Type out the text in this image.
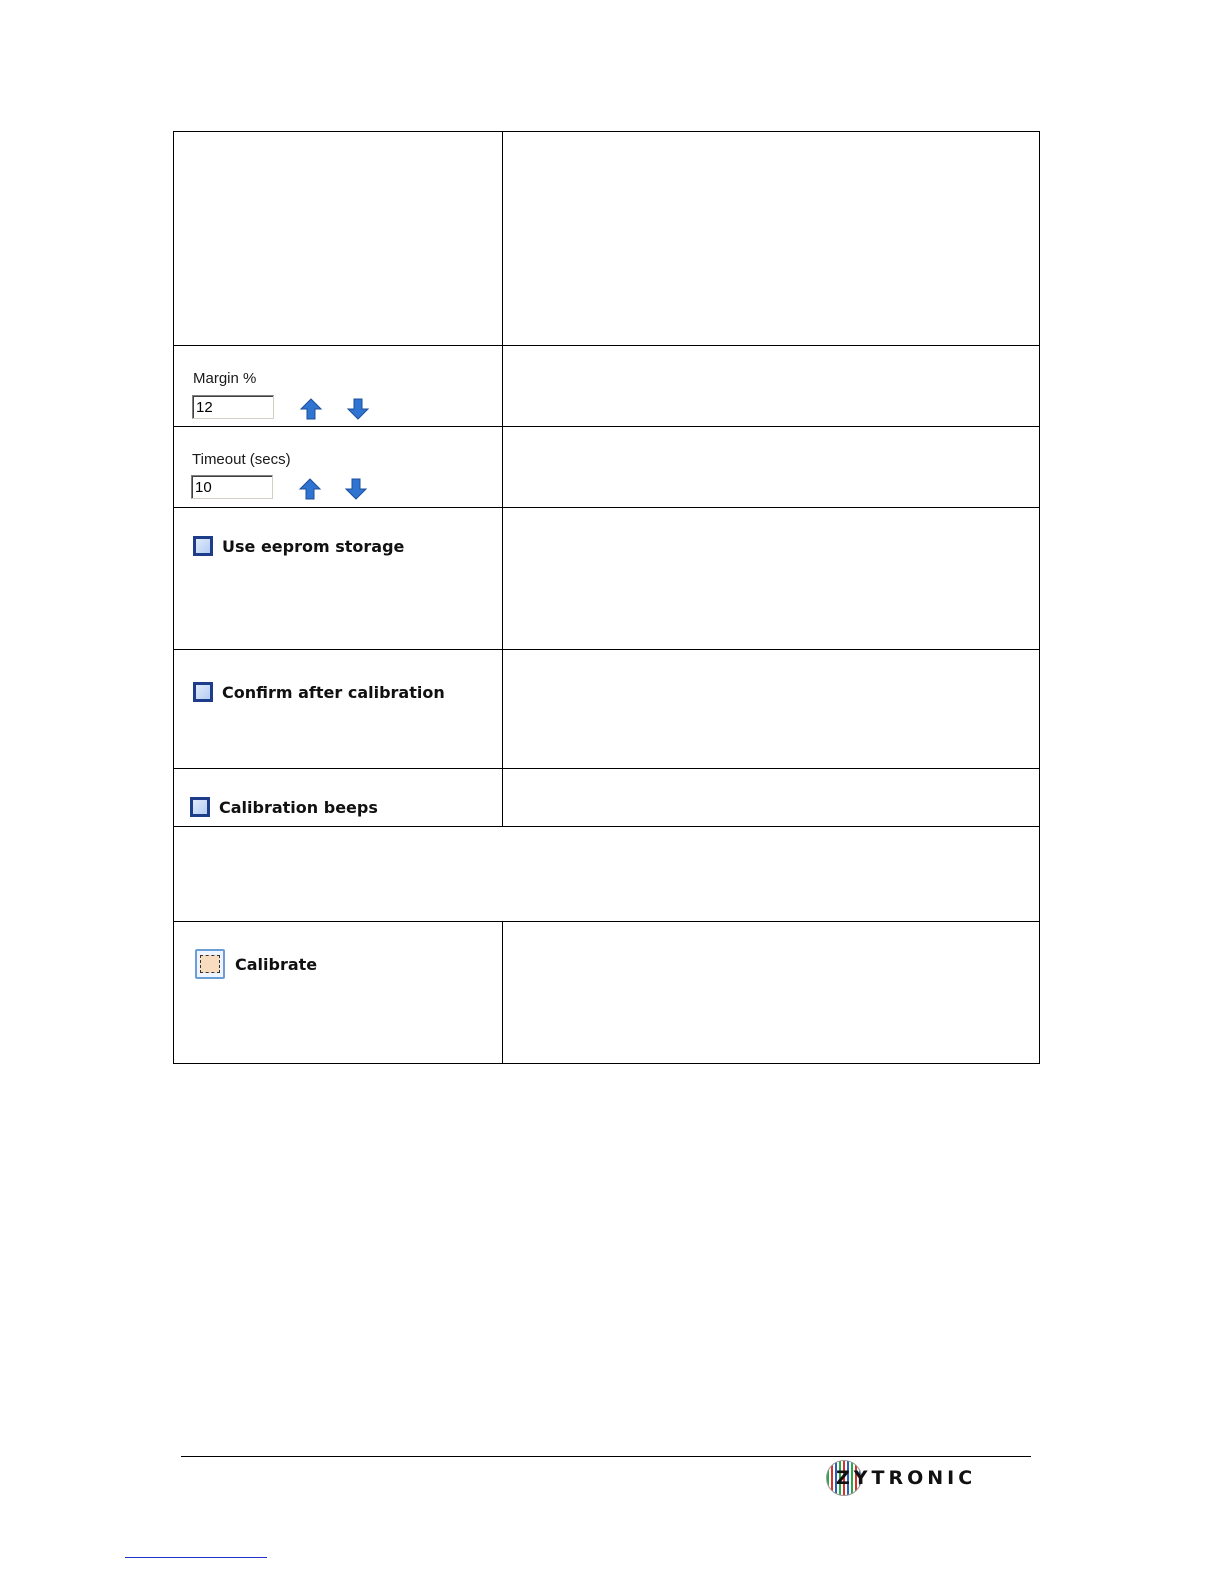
Margin %
12

Timeout (secs)
10

Use eeprom storage	

Confirm after calibration	

Calibration beeps	

Calibrate	

ZYTRONIC
